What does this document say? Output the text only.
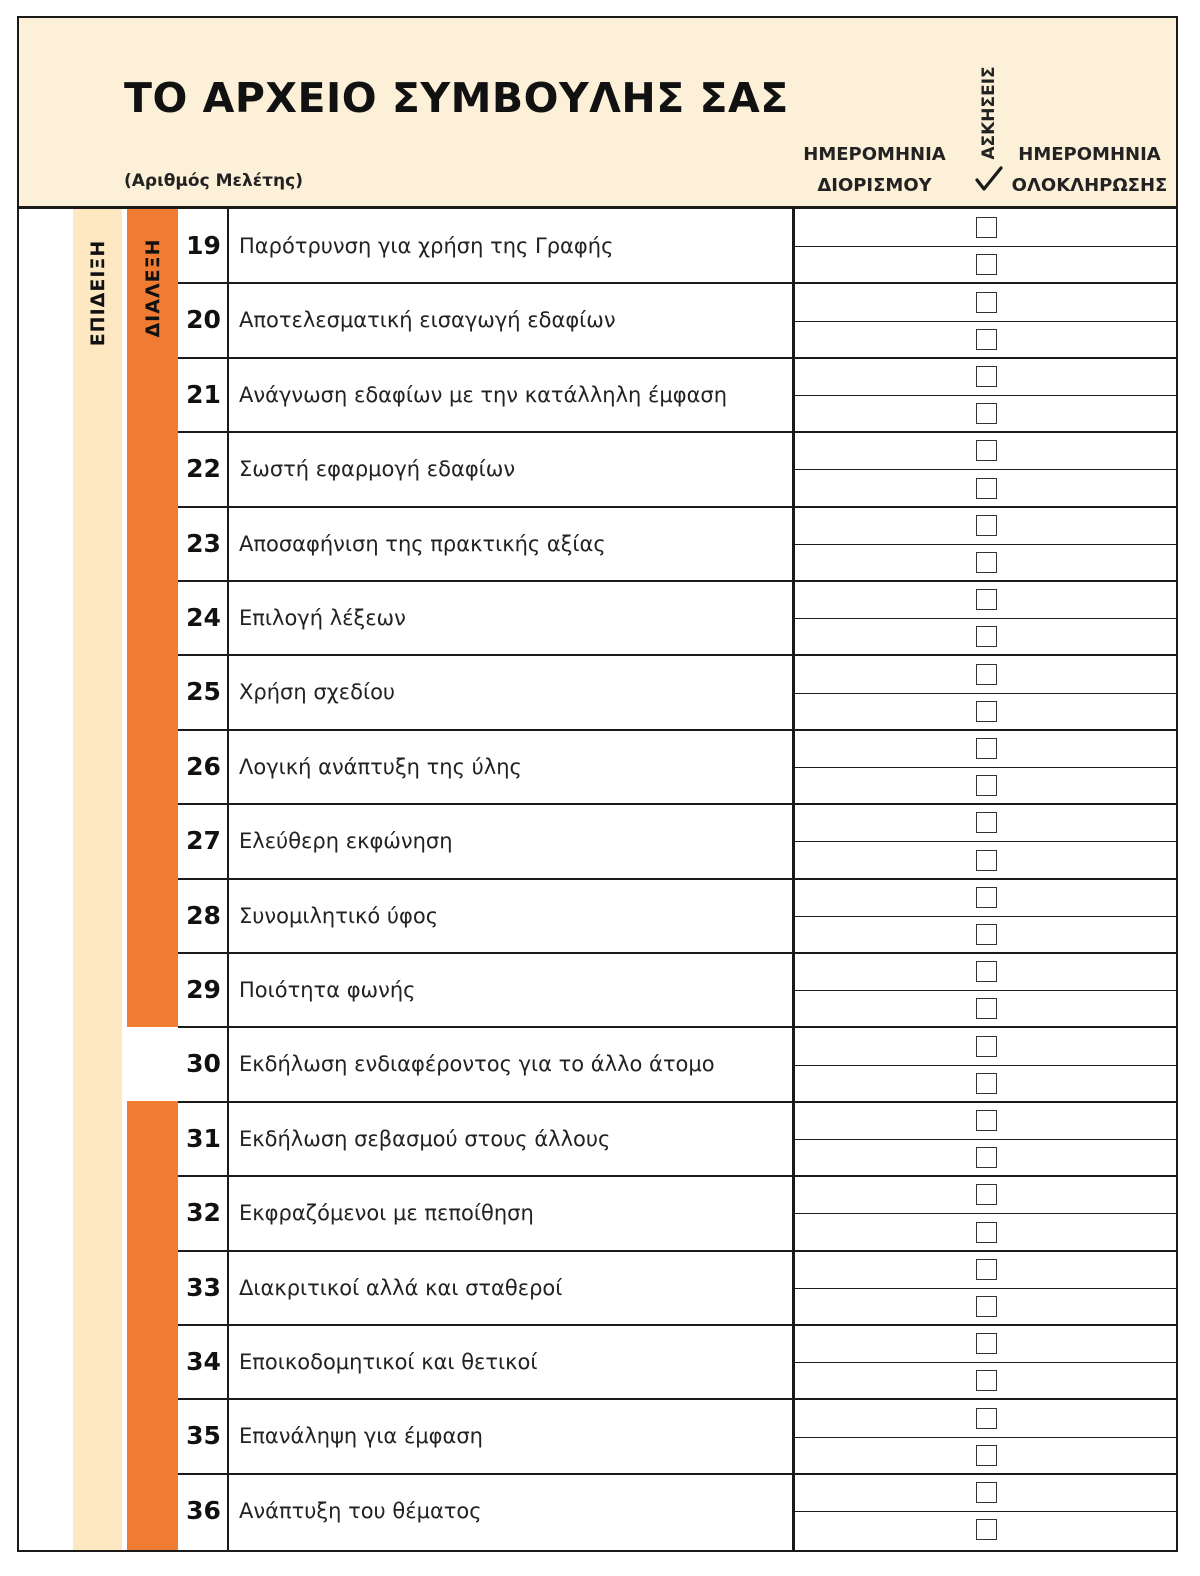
ΤΟ ΑΡΧΕΙΟ ΣΥΜΒΟΥΛΗΣ ΣΑΣ
(Αριθμός Μελέτης)
ΗΜΕΡΟΜΗΝΙΑ
ΔΙΟΡΙΣΜΟΥ
ΑΣΚΗΣΕΙΣ	ΗΜΕΡΟΜΗΝΙΑ
ΟΛΟΚΛΗΡΩΣΗΣ
ΕΠΙΔΕΙΞΗ ΔΙΑΛΕΞΗ 19 Παρότρυνση για χρήση της Γραφής
20 Αποτελεσματική εισαγωγή εδαφίων
21 Ανάγνωση εδαφίων με την κατάλληλη έμφαση
22 Σωστή εφαρμογή εδαφίων
23 Αποσαφήνιση της πρακτικής αξίας
24 Επιλογή λέξεων
25 Χρήση σχεδίου
26 Λογική ανάπτυξη της ύλης
27 Ελεύθερη εκφώνηση
28 Συνομιλητικό ύφος
29 Ποιότητα φωνής
30 Εκδήλωση ενδιαφέροντος για το άλλο άτομο
31 Εκδήλωση σεβασμού στους άλλους
32 Εκφραζόμενοι με πεποίθηση
33 Διακριτικοί αλλά και σταθεροί
34 Εποικοδομητικοί και θετικοί
35 Επανάληψη για έμφαση
36 Ανάπτυξη του θέματος
